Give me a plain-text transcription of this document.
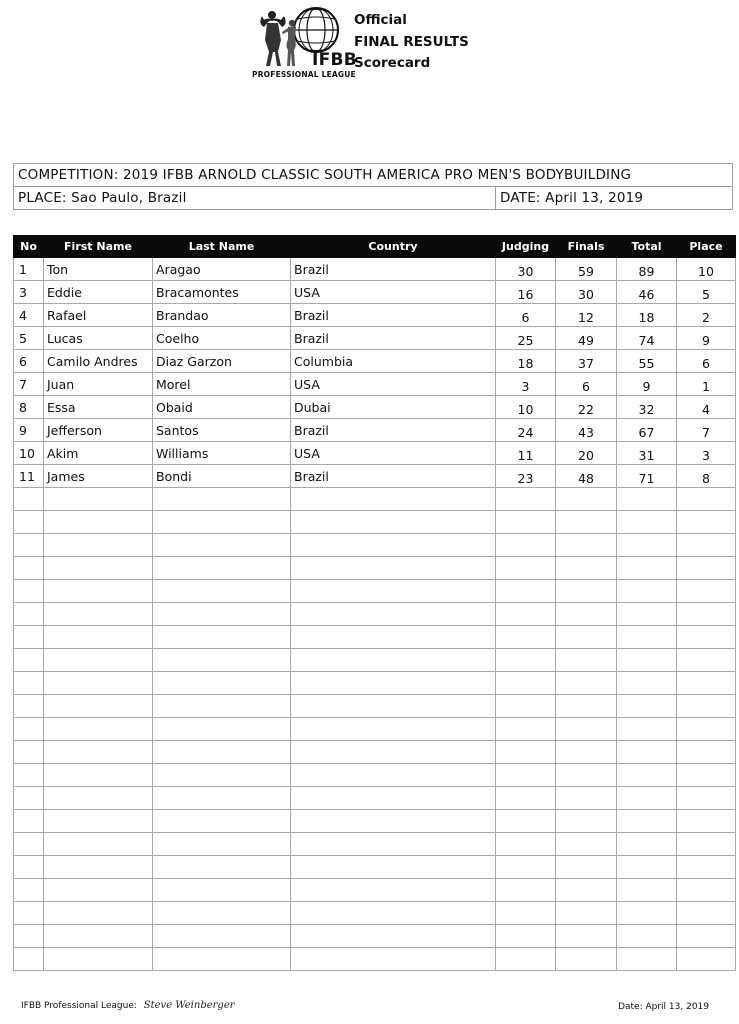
IFBB
PROFESSIONAL LEAGUE
Official
FINAL RESULTS
Scorecard
COMPETITION: 2019 IFBB ARNOLD CLASSIC SOUTH AMERICA PRO MEN'S BODYBUILDING
PLACE: Sao Paulo, Brazil	DATE: April 13, 2019
No	First Name	Last Name	Country	Judging	Finals	Total	Place
1	Ton	Aragao	Brazil	30	59	89	10
3	Eddie	Bracamontes	USA	16	30	46	5
4	Rafael	Brandao	Brazil	6	12	18	2
5	Lucas	Coelho	Brazil	25	49	74	9
6	Camilo Andres	Diaz Garzon	Columbia	18	37	55	6
7	Juan	Morel	USA	3	6	9	1
8	Essa	Obaid	Dubai	10	22	32	4
9	Jefferson	Santos	Brazil	24	43	67	7
10	Akim	Williams	USA	11	20	31	3
11	James	Bondi	Brazil	23	48	71	8

IFBB Professional League: Steve Weinberger	Date: April 13, 2019
